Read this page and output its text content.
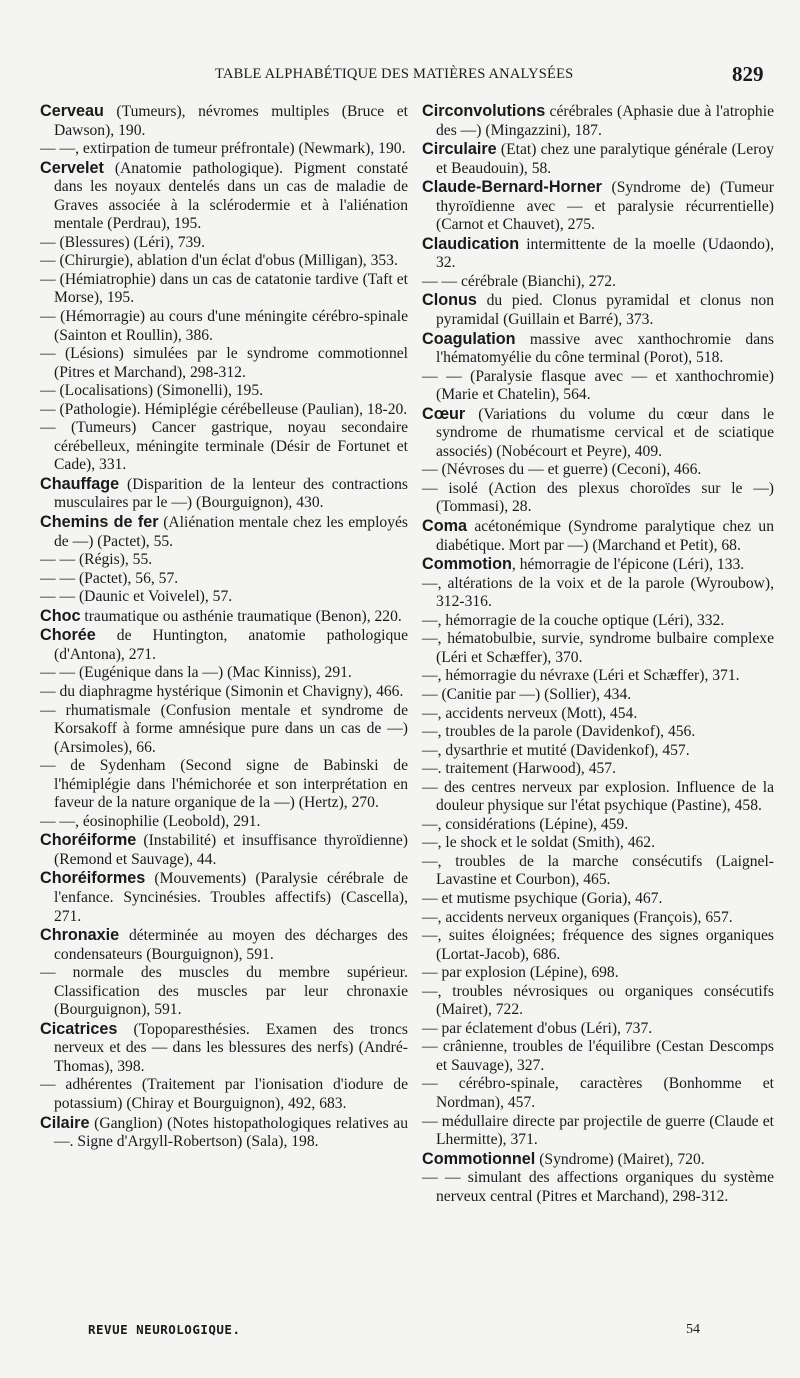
TABLE ALPHABÉTIQUE DES MATIÈRES ANALYSÉES	829

Cerveau (Tumeurs), névromes multiples (Bruce et Dawson), 190.

— —, extirpation de tumeur préfrontale) (Newmark), 190.

Cervelet (Anatomie pathologique). Pigment constaté dans les noyaux dentelés dans un cas de maladie de Graves associée à la sclérodermie et à l'aliénation mentale (Perdrau), 195.

— (Blessures) (Léri), 739.

— (Chirurgie), ablation d'un éclat d'obus (Milligan), 353.

— (Hémiatrophie) dans un cas de catatonie tardive (Taft et Morse), 195.

— (Hémorragie) au cours d'une méningite cérébro-spinale (Sainton et Roullin), 386.

— (Lésions) simulées par le syndrome commotionnel (Pitres et Marchand), 298-312.

— (Localisations) (Simonelli), 195.

— (Pathologie). Hémiplégie cérébelleuse (Paulian), 18-20.

— (Tumeurs) Cancer gastrique, noyau secondaire cérébelleux, méningite terminale (Désir de Fortunet et Cade), 331.

Chauffage (Disparition de la lenteur des contractions musculaires par le —) (Bourguignon), 430.

Chemins de fer (Aliénation mentale chez les employés de —) (Pactet), 55.

— — (Régis), 55.

— — (Pactet), 56, 57.

— — (Daunic et Voivelel), 57.

Choc traumatique ou asthénie traumatique (Benon), 220.

Chorée de Huntington, anatomie pathologique (d'Antona), 271.

— — (Eugénique dans la —) (Mac Kinniss), 291.

— du diaphragme hystérique (Simonin et Chavigny), 466.

— rhumatismale (Confusion mentale et syndrome de Korsakoff à forme amnésique pure dans un cas de —) (Arsimoles), 66.

— de Sydenham (Second signe de Babinski de l'hémiplégie dans l'hémichorée et son interprétation en faveur de la nature organique de la —) (Hertz), 270.

— —, éosinophilie (Leobold), 291.

Choréiforme (Instabilité) et insuffisance thyroïdienne) (Remond et Sauvage), 44.

Choréiformes (Mouvements) (Paralysie cérébrale de l'enfance. Syncinésies. Troubles affectifs) (Cascella), 271.

Chronaxie déterminée au moyen des décharges des condensateurs (Bourguignon), 591.

— normale des muscles du membre supérieur. Classification des muscles par leur chronaxie (Bourguignon), 591.

Cicatrices (Topoparesthésies. Examen des troncs nerveux et des — dans les blessures des nerfs) (André-Thomas), 398.

— adhérentes (Traitement par l'ionisation d'iodure de potassium) (Chiray et Bourguignon), 492, 683.

Cilaire (Ganglion) (Notes histopathologiques relatives au —. Signe d'Argyll-Robertson) (Sala), 198.

Circonvolutions cérébrales (Aphasie due à l'atrophie des —) (Mingazzini), 187.

Circulaire (Etat) chez une paralytique générale (Leroy et Beaudouin), 58.

Claude-Bernard-Horner (Syndrome de) (Tumeur thyroïdienne avec — et paralysie récurrentielle) (Carnot et Chauvet), 275.

Claudication intermittente de la moelle (Udaondo), 32.

— — cérébrale (Bianchi), 272.

Clonus du pied. Clonus pyramidal et clonus non pyramidal (Guillain et Barré), 373.

Coagulation massive avec xanthochromie dans l'hématomyélie du cône terminal (Porot), 518.

— — (Paralysie flasque avec — et xanthochromie) (Marie et Chatelin), 564.

Cœur (Variations du volume du cœur dans le syndrome de rhumatisme cervical et de sciatique associés) (Nobécourt et Peyre), 409.

— (Névroses du — et guerre) (Ceconi), 466.

— isolé (Action des plexus choroïdes sur le —) (Tommasi), 28.

Coma acétonémique (Syndrome paralytique chez un diabétique. Mort par —) (Marchand et Petit), 68.

Commotion, hémorragie de l'épicone (Léri), 133.

—, altérations de la voix et de la parole (Wyroubow), 312-316.

—, hémorragie de la couche optique (Léri), 332.

—, hématobulbie, survie, syndrome bulbaire complexe (Léri et Schæffer), 370.

—, hémorragie du névraxe (Léri et Schæffer), 371.

— (Canitie par —) (Sollier), 434.

—, accidents nerveux (Mott), 454.

—, troubles de la parole (Davidenkof), 456.

—, dysarthrie et mutité (Davidenkof), 457.

—. traitement (Harwood), 457.

— des centres nerveux par explosion. Influence de la douleur physique sur l'état psychique (Pastine), 458.

—, considérations (Lépine), 459.

—, le shock et le soldat (Smith), 462.

—, troubles de la marche consécutifs (Laignel-Lavastine et Courbon), 465.

— et mutisme psychique (Goria), 467.

—, accidents nerveux organiques (François), 657.

—, suites éloignées; fréquence des signes organiques (Lortat-Jacob), 686.

— par explosion (Lépine), 698.

—, troubles névrosiques ou organiques consécutifs (Mairet), 722.

— par éclatement d'obus (Léri), 737.

— crânienne, troubles de l'équilibre (Cestan Descomps et Sauvage), 327.

— cérébro-spinale, caractères (Bonhomme et Nordman), 457.

— médullaire directe par projectile de guerre (Claude et Lhermitte), 371.

Commotionnel (Syndrome) (Mairet), 720.

— — simulant des affections organiques du système nerveux central (Pitres et Marchand), 298-312.

REVUE NEUROLOGIQUE.	54
